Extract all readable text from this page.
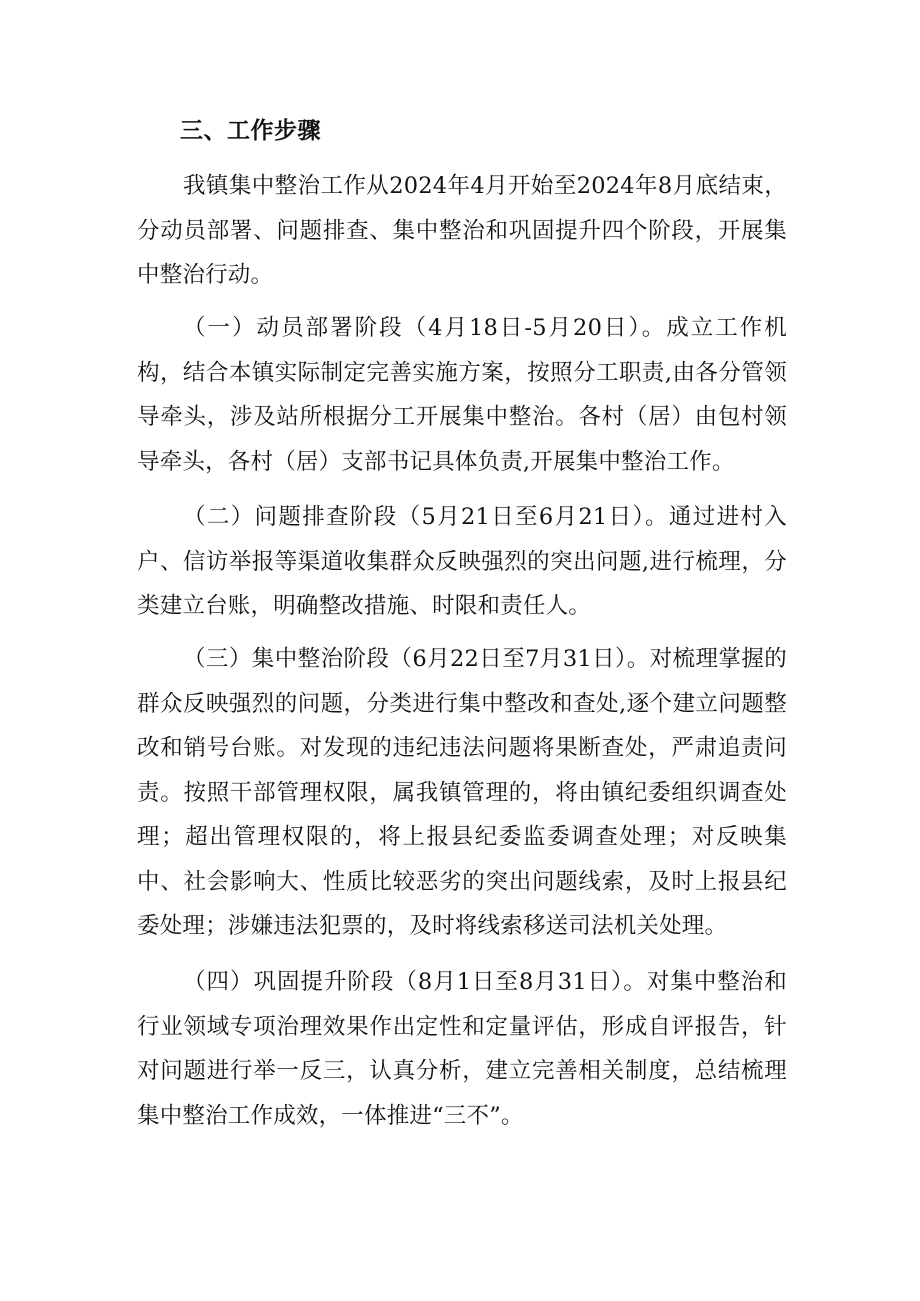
三、工作步骤

我镇集中整治工作从2024年4月开始至2024年8月底结束，分动员部署、问题排查、集中整治和巩固提升四个阶段，开展集中整治行动。

（一）动员部署阶段（4月18日-5月20日）。成立工作机构，结合本镇实际制定完善实施方案，按照分工职责,由各分管领导牵头，涉及站所根据分工开展集中整治。各村（居）由包村领导牵头，各村（居）支部书记具体负责,开展集中整治工作。

（二）问题排查阶段（5月21日至6月21日）。通过进村入户、信访举报等渠道收集群众反映强烈的突出问题,进行梳理，分类建立台账，明确整改措施、时限和责任人。

（三）集中整治阶段（6月22日至7月31日）。对梳理掌握的群众反映强烈的问题，分类进行集中整改和查处,逐个建立问题整改和销号台账。对发现的违纪违法问题将果断查处，严肃追责问责。按照干部管理权限，属我镇管理的，将由镇纪委组织调查处理；超出管理权限的，将上报县纪委监委调查处理；对反映集中、社会影响大、性质比较恶劣的突出问题线索，及时上报县纪委处理；涉嫌违法犯票的，及时将线索移送司法机关处理。

（四）巩固提升阶段（8月1日至8月31日）。对集中整治和行业领域专项治理效果作出定性和定量评估，形成自评报告，针对问题进行举一反三，认真分析，建立完善相关制度，总结梳理集中整治工作成效，一体推进“三不”。
